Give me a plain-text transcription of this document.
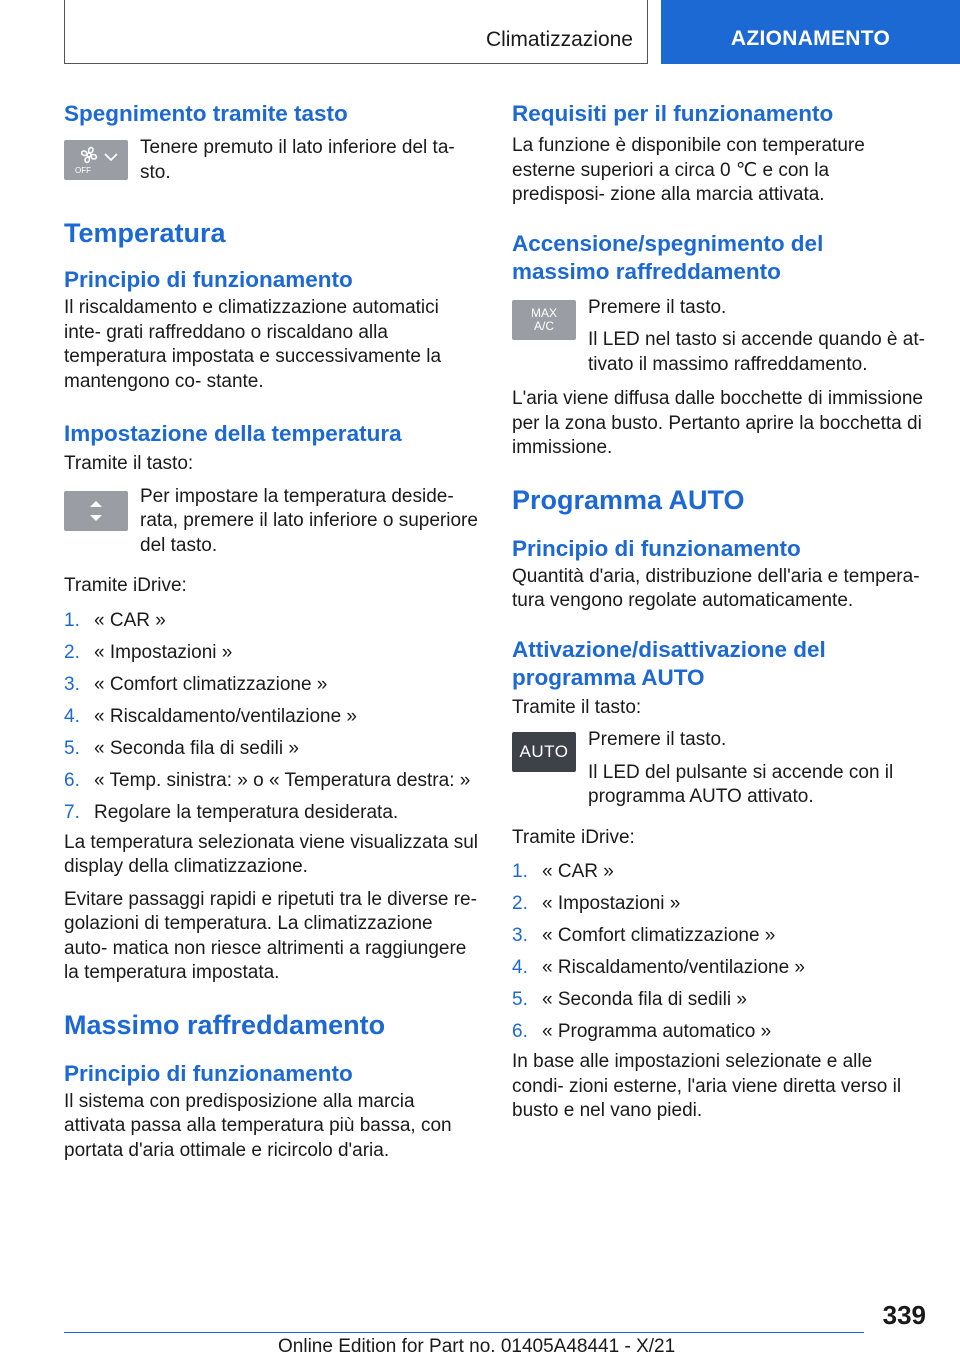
Climatizzazione	AZIONAMENTO
Spegnimento tramite tasto
OFF
Tenere premuto il lato inferiore del ta- sto.
Temperatura
Principio di funzionamento

Il riscaldamento e climatizzazione automatici inte- grati raffreddano o riscaldano alla temperatura impostata e successivamente la mantengono co- stante.

Impostazione della temperatura

Tramite il tasto:

Per impostare la temperatura deside- rata, premere il lato inferiore o superiore del tasto.

Tramite iDrive:

1. « CAR »
2. « Impostazioni »
3. « Comfort climatizzazione »
4. « Riscaldamento/ventilazione »
5. « Seconda fila di sedili »
6. « Temp. sinistra: » o « Temperatura destra: »
7. Regolare la temperatura desiderata.

La temperatura selezionata viene visualizzata sul display della climatizzazione.

Evitare passaggi rapidi e ripetuti tra le diverse re- golazioni di temperatura. La climatizzazione auto- matica non riesce altrimenti a raggiungere la temperatura impostata.

Massimo raffreddamento
Principio di funzionamento

Il sistema con predisposizione alla marcia attivata passa alla temperatura più bassa, con portata d'aria ottimale e ricircolo d'aria.

Requisiti per il funzionamento

La funzione è disponibile con temperature esterne superiori a circa 0 ℃ e con la predisposi- zione alla marcia attivata.

Accensione/spegnimento del massimo raffreddamento
MAX A/C
Premere il tasto.
Il LED nel tasto si accende quando è at- tivato il massimo raffreddamento.

L'aria viene diffusa dalle bocchette di immissione per la zona busto. Pertanto aprire la bocchetta di immissione.

Programma AUTO
Principio di funzionamento

Quantità d'aria, distribuzione dell'aria e tempera- tura vengono regolate automaticamente.

Attivazione/disattivazione del programma AUTO

Tramite il tasto:

AUTO
Premere il tasto.
Il LED del pulsante si accende con il programma AUTO attivato.

Tramite iDrive:

1. « CAR »
2. « Impostazioni »
3. « Comfort climatizzazione »
4. « Riscaldamento/ventilazione »
5. « Seconda fila di sedili »
6. « Programma automatico »

In base alle impostazioni selezionate e alle condi- zioni esterne, l'aria viene diretta verso il busto e nel vano piedi.

339
Online Edition for Part no. 01405A48441 - X/21
